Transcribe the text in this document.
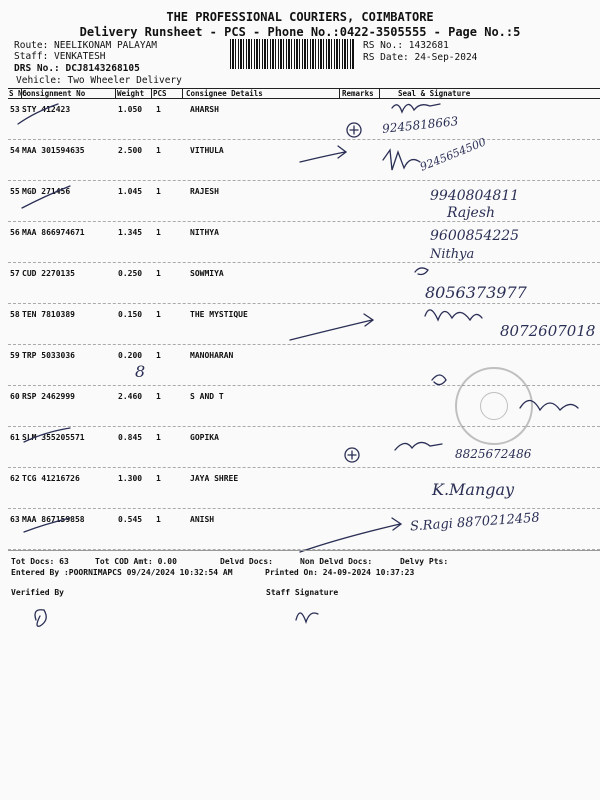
THE PROFESSIONAL COURIERS, COIMBATORE
Delivery Runsheet - PCS - Phone No.:0422-3505555 - Page No.:5
Route: NEELIKONAM PALAYAM
Staff: VENKATESH
DRS No.: DCJ8143268105
Vehicle: Two Wheeler Delivery
RS No.: 1432681
RS Date: 24-Sep-2024
S No
Consignment No	Weight PCS	Consignee Details	Remarks	Seal & Signature
53 STY 412423	1.050 1	AHARSH
54 MAA 301594635	2.500 1	VITHULA
55 MGD 271456	1.045 1	RAJESH
56 MAA 866974671	1.345 1	NITHYA
57 CUD 2270135	0.250 1	SOWMIYA
58 TEN 7810389	0.150 1	THE MYSTIQUE
59 TRP 5033036	0.200 1	MANOHARAN
60 RSP 2462999	2.460 1	S AND T
61 SLM 355205571	0.845 1	GOPIKA
62 TCG 41216726	1.300 1	JAYA SHREE
63 MAA 867159858	0.545 1	ANISH
9245818663
9245654500
9940804811
Rajesh
9600854225
Nithya
8056373977
8072607018
8
8825672486
K.Mangay
S.Ragi 8870212458
Tot Docs: 63	Tot COD Amt: 0.00	Delvd Docs:	Non Delvd Docs:	Delvy Pts:
Entered By :POORNIMAPCS 09/24/2024 10:32:54 AM	Printed On: 24-09-2024 10:37:23
Verified By	Staff Signature
